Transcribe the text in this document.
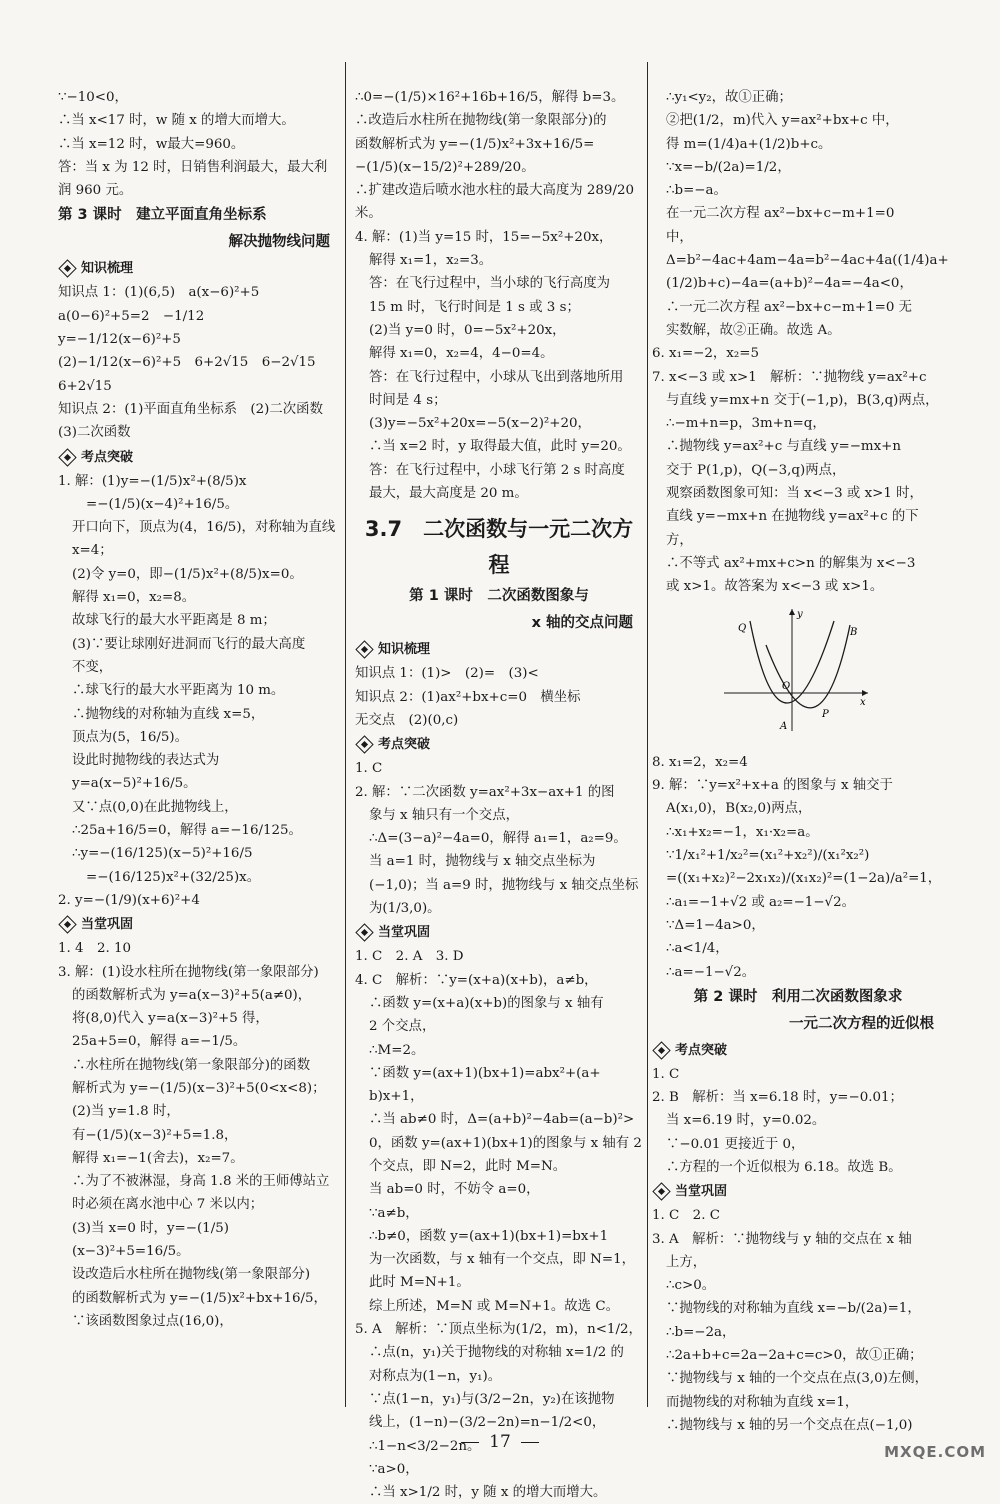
∵−10<0，
∴当 x<17 时，w 随 x 的增大而增大。
∴当 x=12 时，w最大=960。
答：当 x 为 12 时，日销售利润最大，最大利
润 960 元。
第 3 课时　建立平面直角坐标系
解决抛物线问题
知识梳理
知识点 1：(1)(6,5)　a(x−6)²+5
a(0−6)²+5=2　−1/12
y=−1/12(x−6)²+5
(2)−1/12(x−6)²+5　6+2√15　6−2√15
6+2√15
知识点 2：(1)平面直角坐标系　(2)二次函数
(3)二次函数
考点突破
1. 解：(1)y=−(1/5)x²+(8/5)x
=−(1/5)(x−4)²+16/5。
开口向下，顶点为(4，16/5)，对称轴为直线
x=4；
(2)令 y=0，即−(1/5)x²+(8/5)x=0。
解得 x₁=0，x₂=8。
故球飞行的最大水平距离是 8 m；
(3)∵要让球刚好进洞而飞行的最大高度
不变，
∴球飞行的最大水平距离为 10 m。
∴抛物线的对称轴为直线 x=5，
顶点为(5，16/5)。
设此时抛物线的表达式为
y=a(x−5)²+16/5。
又∵点(0,0)在此抛物线上，
∴25a+16/5=0，解得 a=−16/125。
∴y=−(16/125)(x−5)²+16/5
=−(16/125)x²+(32/25)x。
2. y=−(1/9)(x+6)²+4
当堂巩固
1. 4　2. 10
3. 解：(1)设水柱所在抛物线(第一象限部分)
的函数解析式为 y=a(x−3)²+5(a≠0)，
将(8,0)代入 y=a(x−3)²+5 得，
25a+5=0，解得 a=−1/5。
∴水柱所在抛物线(第一象限部分)的函数
解析式为 y=−(1/5)(x−3)²+5(0<x<8)；
(2)当 y=1.8 时，
有−(1/5)(x−3)²+5=1.8，
解得 x₁=−1(舍去)，x₂=7。
∴为了不被淋湿，身高 1.8 米的王师傅站立
时必须在离水池中心 7 米以内；
(3)当 x=0 时，y=−(1/5)(x−3)²+5=16/5。
设改造后水柱所在抛物线(第一象限部分)
的函数解析式为 y=−(1/5)x²+bx+16/5，
∵该函数图象过点(16,0)，
∴0=−(1/5)×16²+16b+16/5，解得 b=3。
∴改造后水柱所在抛物线(第一象限部分)的
函数解析式为 y=−(1/5)x²+3x+16/5=
−(1/5)(x−15/2)²+289/20。
∴扩建改造后喷水池水柱的最大高度为 289/20 米。
4. 解：(1)当 y=15 时，15=−5x²+20x，
解得 x₁=1，x₂=3。
答：在飞行过程中，当小球的飞行高度为
15 m 时，飞行时间是 1 s 或 3 s；
(2)当 y=0 时，0=−5x²+20x，
解得 x₁=0，x₂=4，4−0=4。
答：在飞行过程中，小球从飞出到落地所用
时间是 4 s；
(3)y=−5x²+20x=−5(x−2)²+20，
∴当 x=2 时，y 取得最大值，此时 y=20。
答：在飞行过程中，小球飞行第 2 s 时高度
最大，最大高度是 20 m。
3.7　二次函数与一元二次方程
第 1 课时　二次函数图象与
x 轴的交点问题
知识梳理
知识点 1：(1)>　(2)=　(3)<
知识点 2：(1)ax²+bx+c=0　横坐标
无交点　(2)(0,c)
考点突破
1. C
2. 解：∵二次函数 y=ax²+3x−ax+1 的图
象与 x 轴只有一个交点，
∴Δ=(3−a)²−4a=0，解得 a₁=1，a₂=9。
当 a=1 时，抛物线与 x 轴交点坐标为
(−1,0)；当 a=9 时，抛物线与 x 轴交点坐标
为(1/3,0)。
当堂巩固
1. C　2. A　3. D
4. C　解析：∵y=(x+a)(x+b)，a≠b，
∴函数 y=(x+a)(x+b)的图象与 x 轴有
2 个交点，
∴M=2。
∵函数 y=(ax+1)(bx+1)=abx²+(a+
b)x+1，
∴当 ab≠0 时，Δ=(a+b)²−4ab=(a−b)²>
0，函数 y=(ax+1)(bx+1)的图象与 x 轴有 2
个交点，即 N=2，此时 M=N。
当 ab=0 时，不妨令 a=0，
∵a≠b，
∴b≠0，函数 y=(ax+1)(bx+1)=bx+1
为一次函数，与 x 轴有一个交点，即 N=1，
此时 M=N+1。
综上所述，M=N 或 M=N+1。故选 C。
5. A　解析：∵顶点坐标为(1/2，m)，n<1/2，
∴点(n，y₁)关于抛物线的对称轴 x=1/2 的
对称点为(1−n，y₁)。
∵点(1−n，y₁)与(3/2−2n，y₂)在该抛物
线上，(1−n)−(3/2−2n)=n−1/2<0，
∴1−n<3/2−2n。
∵a>0，
∴当 x>1/2 时，y 随 x 的增大而增大。
∴y₁<y₂，故①正确；
②把(1/2，m)代入 y=ax²+bx+c 中，
得 m=(1/4)a+(1/2)b+c。
∵x=−b/(2a)=1/2，
∴b=−a。
在一元二次方程 ax²−bx+c−m+1=0
中，
Δ=b²−4ac+4am−4a=b²−4ac+4a((1/4)a+
(1/2)b+c)−4a=(a+b)²−4a=−4a<0，
∴一元二次方程 ax²−bx+c−m+1=0 无
实数解，故②正确。故选 A。
6. x₁=−2，x₂=5
7. x<−3 或 x>1　解析：∵抛物线 y=ax²+c
与直线 y=mx+n 交于(−1,p)，B(3,q)两点，
∴−m+n=p，3m+n=q，
∴抛物线 y=ax²+c 与直线 y=−mx+n
交于 P(1,p)，Q(−3,q)两点，
观察函数图象可知：当 x<−3 或 x>1 时，
直线 y=−mx+n 在抛物线 y=ax²+c 的下
方，
∴不等式 ax²+mx+c>n 的解集为 x<−3
或 x>1。故答案为 x<−3 或 x>1。
y
x
Q	B
O
A
P
8. x₁=2，x₂=4
9. 解：∵y=x²+x+a 的图象与 x 轴交于
A(x₁,0)，B(x₂,0)两点，
∴x₁+x₂=−1，x₁·x₂=a。
∵1/x₁²+1/x₂²=(x₁²+x₂²)/(x₁²x₂²)
=((x₁+x₂)²−2x₁x₂)/(x₁x₂)²=(1−2a)/a²=1，
∴a₁=−1+√2 或 a₂=−1−√2。
∵Δ=1−4a>0，
∴a<1/4，
∴a=−1−√2。
第 2 课时　利用二次函数图象求
一元二次方程的近似根
考点突破
1. C
2. B　解析：当 x=6.18 时，y=−0.01；
当 x=6.19 时，y=0.02。
∵−0.01 更接近于 0，
∴方程的一个近似根为 6.18。故选 B。
当堂巩固
1. C　2. C
3. A　解析：∵抛物线与 y 轴的交点在 x 轴
上方，
∴c>0。
∵抛物线的对称轴为直线 x=−b/(2a)=1，
∴b=−2a，
∴2a+b+c=2a−2a+c=c>0，故①正确；
∵抛物线与 x 轴的一个交点在点(3,0)左侧，
而抛物线的对称轴为直线 x=1，
∴抛物线与 x 轴的另一个交点在点(−1,0)
17	MXQE.COM
